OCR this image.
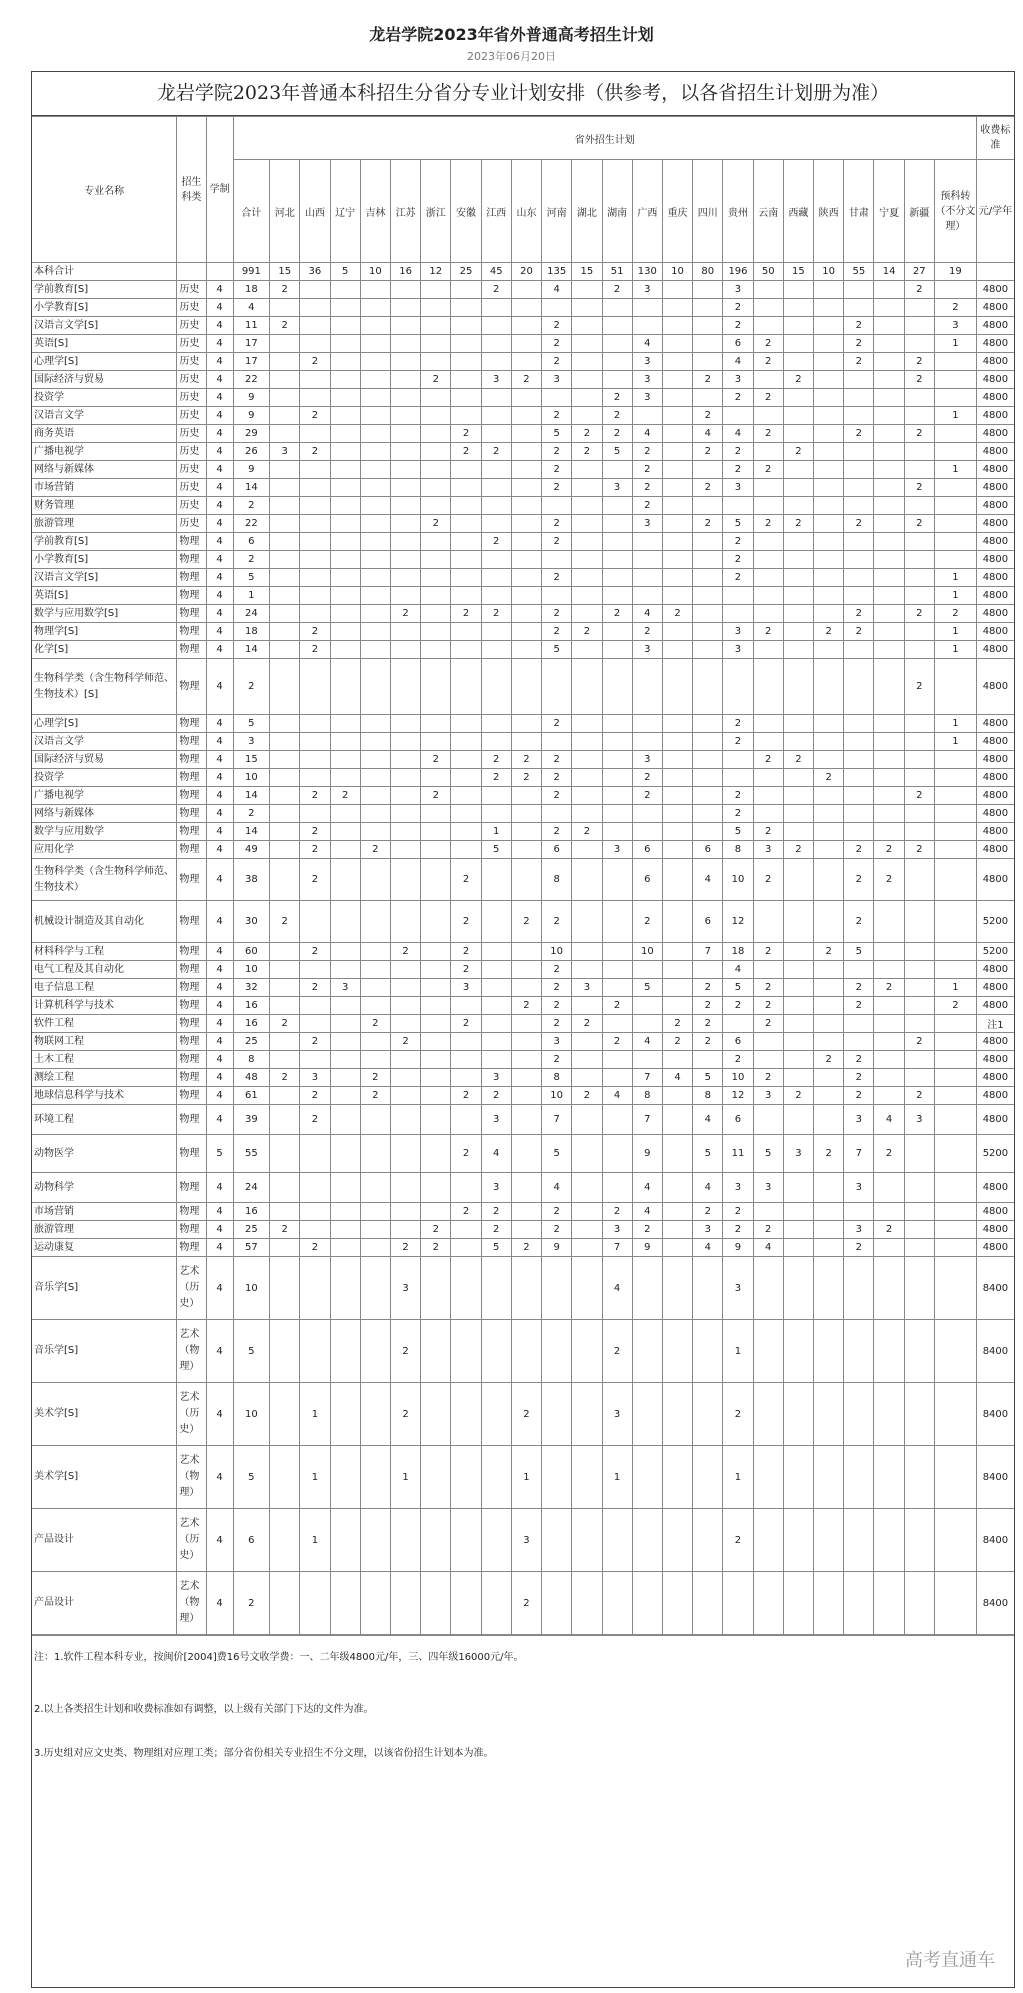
龙岩学院2023年省外普通高考招生计划
2023年06月20日
龙岩学院2023年普通本科招生分省分专业计划安排（供参考，以各省招生计划册为准）
专业名称	招生科类	学制	省外招生计划																								收费标准
			合计	河北	山西	辽宁	吉林	江苏	浙江	安徽	江西	山东	河南	湖北	湖南	广西	重庆	四川	贵州	云南	西藏	陕西	甘肃	宁夏	新疆	预科转（不分文理）	元/学年
本科合计			991	15	36	5	10	16	12	25	45	20	135	15	51	130	10	80	196	50	15	10	55	14	27	19	
学前教育[S]	历史	4	18	2							2		4		2	3			3						2		4800
小学教育[S]	历史	4	4																2							2	4800
汉语言文学[S]	历史	4	11	2									2						2				2			3	4800
英语[S]	历史	4	17										2			4			6	2			2			1	4800
心理学[S]	历史	4	17		2								2			3			4	2			2		2		4800
国际经济与贸易	历史	4	22						2		3	2	3			3		2	3		2				2		4800
投资学	历史	4	9												2	3			2	2							4800
汉语言文学	历史	4	9		2								2		2			2								1	4800
商务英语	历史	4	29							2			5	2	2	4		4	4	2			2		2		4800
广播电视学	历史	4	26	3	2					2	2		2	2	5	2		2	2		2						4800
网络与新媒体	历史	4	9										2			2			2	2						1	4800
市场营销	历史	4	14										2		3	2		2	3						2		4800
财务管理	历史	4	2													2											4800
旅游管理	历史	4	22						2				2			3		2	5	2	2		2		2		4800
学前教育[S]	物理	4	6								2		2						2								4800
小学教育[S]	物理	4	2																2								4800
汉语言文学[S]	物理	4	5										2						2							1	4800
英语[S]	物理	4	1																							1	4800
数学与应用数学[S]	物理	4	24					2		2	2		2		2	4	2						2		2	2	4800
物理学[S]	物理	4	18		2								2	2		2			3	2		2	2			1	4800
化学[S]	物理	4	14		2								5			3			3							1	4800
生物科学类（含生物科学师范、生物技术）[S]	物理	4	2																						2		4800
心理学[S]	物理	4	5										2						2							1	4800
汉语言文学	物理	4	3																2							1	4800
国际经济与贸易	物理	4	15						2		2	2	2			3				2	2						4800
投资学	物理	4	10								2	2	2			2						2					4800
广播电视学	物理	4	14		2	2			2				2			2			2						2		4800
网络与新媒体	物理	4	2																2								4800
数学与应用数学	物理	4	14		2						1		2	2					5	2							4800
应用化学	物理	4	49		2		2				5		6		3	6		6	8	3	2		2	2	2		4800
生物科学类（含生物科学师范、生物技术）	物理	4	38		2					2			8			6		4	10	2			2	2			4800
机械设计制造及其自动化	物理	4	30	2						2		2	2			2		6	12				2				5200
材料科学与工程	物理	4	60		2			2		2			10			10		7	18	2		2	5				5200
电气工程及其自动化	物理	4	10							2			2						4								4800
电子信息工程	物理	4	32		2	3				3			2	3		5		2	5	2			2	2		1	4800
计算机科学与技术	物理	4	16									2	2		2			2	2	2			2			2	4800
软件工程	物理	4	16	2			2			2			2	2			2	2		2							注1
物联网工程	物理	4	25		2			2					3		2	4	2	2	6						2		4800
土木工程	物理	4	8										2						2			2	2				4800
测绘工程	物理	4	48	2	3		2				3		8			7	4	5	10	2			2				4800
地球信息科学与技术	物理	4	61		2		2			2	2		10	2	4	8		8	12	3	2		2		2		4800
环境工程	物理	4	39		2						3		7			7		4	6				3	4	3		4800
动物医学	物理	5	55							2	4		5			9		5	11	5	3	2	7	2			5200
动物科学	物理	4	24								3		4			4		4	3	3			3				4800
市场营销	物理	4	16							2	2		2		2	4		2	2								4800
旅游管理	物理	4	25	2					2		2		2		3	2		3	2	2			3	2			4800
运动康复	物理	4	57		2			2	2		5	2	9		7	9		4	9	4			2				4800
音乐学[S]	艺术（历史）	4	10					3							4				3								8400
音乐学[S]	艺术（物理）	4	5					2							2				1								8400
美术学[S]	艺术（历史）	4	10		1			2				2			3				2								8400
美术学[S]	艺术（物理）	4	5		1			1				1			1				1								8400
产品设计	艺术（历史）	4	6		1							3							2								8400
产品设计	艺术（物理）	4	2									2															8400
注：1.软件工程本科专业，按闽价[2004]费16号文收学费：一、二年级4800元/年，三、四年级16000元/年。
2.以上各类招生计划和收费标准如有调整，以上级有关部门下达的文件为准。
3.历史组对应文史类、物理组对应理工类；部分省份相关专业招生不分文理，以该省份招生计划本为准。
高考直通车
